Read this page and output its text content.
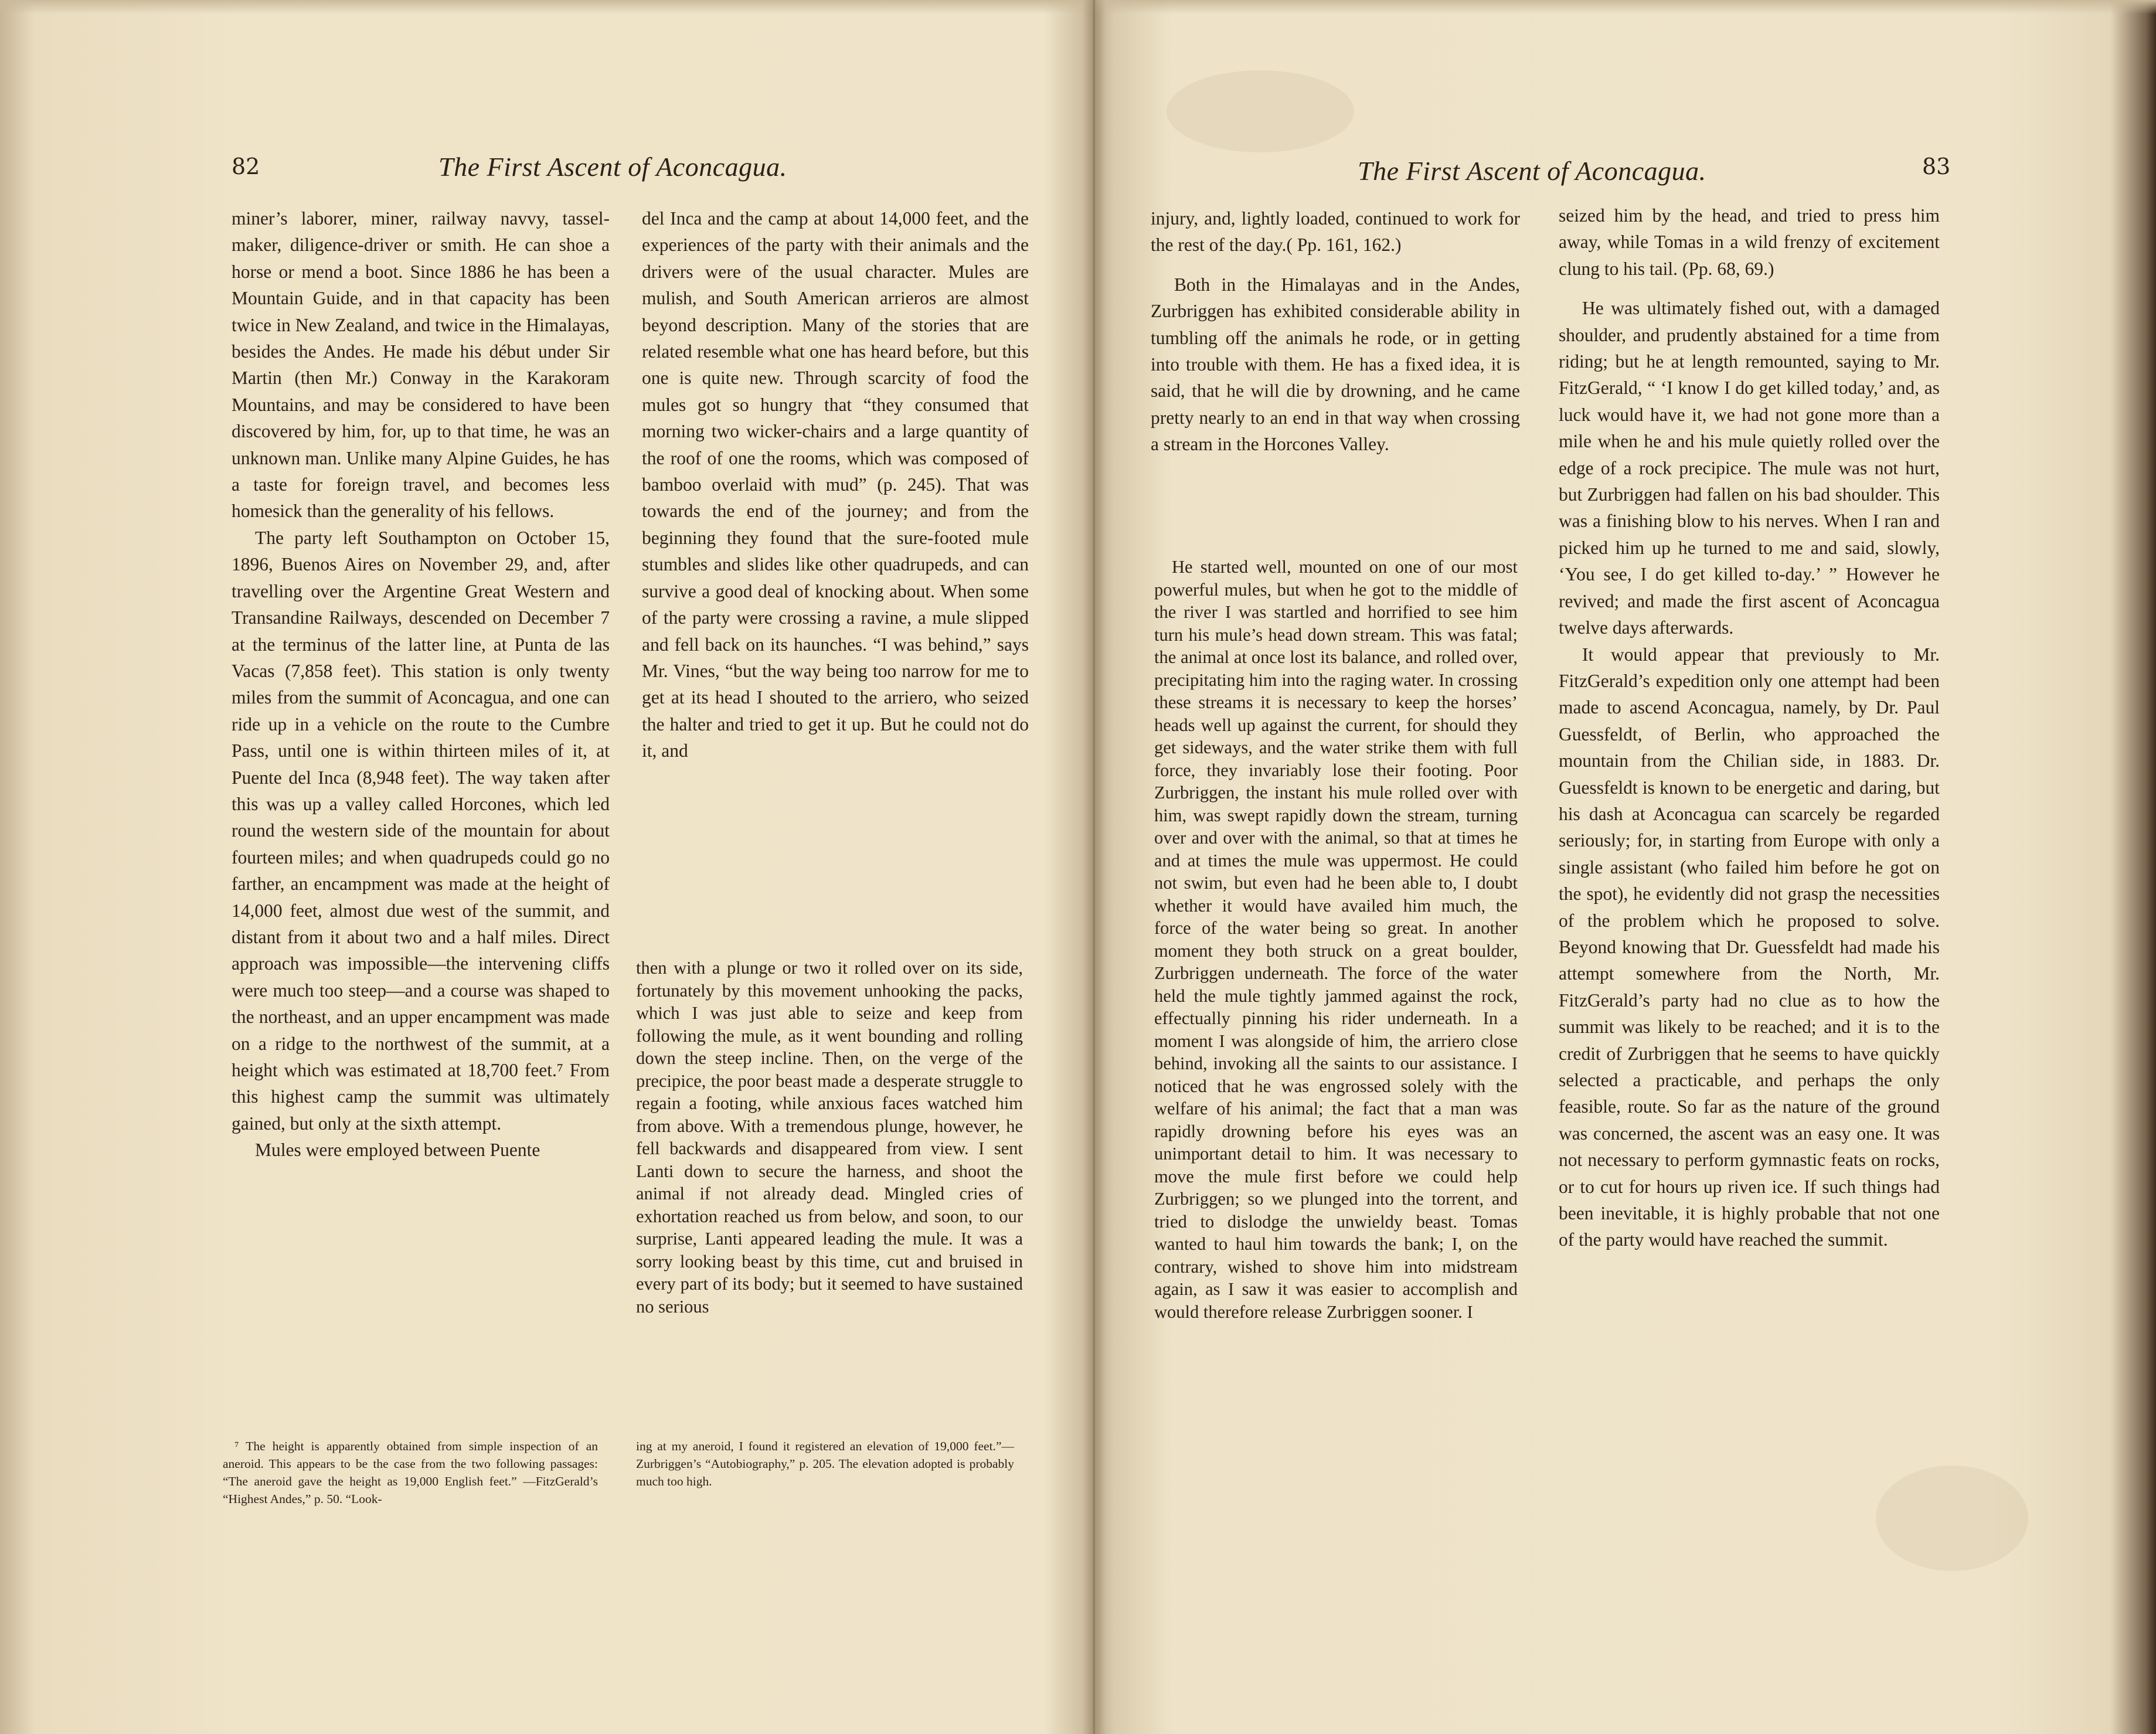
82	The First Ascent of Aconcagua.

miner’s laborer, miner, railway navvy, tassel-maker, diligence-driver or smith. He can shoe a horse or mend a boot. Since 1886 he has been a Mountain Guide, and in that capacity has been twice in New Zealand, and twice in the Himalayas, besides the Andes. He made his début under Sir Martin (then Mr.) Conway in the Karakoram Mountains, and may be considered to have been discovered by him, for, up to that time, he was an unknown man. Unlike many Alpine Guides, he has a taste for foreign travel, and becomes less homesick than the generality of his fellows.

The party left Southampton on October 15, 1896, Buenos Aires on November 29, and, after travelling over the Argentine Great Western and Transandine Railways, descended on December 7 at the terminus of the latter line, at Punta de las Vacas (7,858 feet). This station is only twenty miles from the summit of Aconcagua, and one can ride up in a vehicle on the route to the Cumbre Pass, until one is within thirteen miles of it, at Puente del Inca (8,948 feet). The way taken after this was up a valley called Horcones, which led round the western side of the mountain for about fourteen miles; and when quadrupeds could go no farther, an encampment was made at the height of 14,000 feet, almost due west of the summit, and distant from it about two and a half miles. Direct approach was impossible—the intervening cliffs were much too steep—and a course was shaped to the northeast, and an upper encampment was made on a ridge to the northwest of the summit, at a height which was estimated at 18,700 feet.⁷ From this highest camp the summit was ultimately gained, but only at the sixth attempt.

Mules were employed between Puente

del Inca and the camp at about 14,000 feet, and the experiences of the party with their animals and the drivers were of the usual character. Mules are mulish, and South American arrieros are almost beyond description. Many of the stories that are related resemble what one has heard before, but this one is quite new. Through scarcity of food the mules got so hungry that “they consumed that morning two wicker-chairs and a large quantity of the roof of one the rooms, which was composed of bamboo overlaid with mud” (p. 245). That was towards the end of the journey; and from the beginning they found that the sure-footed mule stumbles and slides like other quadrupeds, and can survive a good deal of knocking about. When some of the party were crossing a ravine, a mule slipped and fell back on its haunches. “I was behind,” says Mr. Vines, “but the way being too narrow for me to get at its head I shouted to the arriero, who seized the halter and tried to get it up. But he could not do it, and

then with a plunge or two it rolled over on its side, fortunately by this movement unhooking the packs, which I was just able to seize and keep from following the mule, as it went bounding and rolling down the steep incline. Then, on the verge of the precipice, the poor beast made a desperate struggle to regain a footing, while anxious faces watched him from above. With a tremendous plunge, however, he fell backwards and disappeared from view. I sent Lanti down to secure the harness, and shoot the animal if not already dead. Mingled cries of exhortation reached us from below, and soon, to our surprise, Lanti appeared leading the mule. It was a sorry looking beast by this time, cut and bruised in every part of its body; but it seemed to have sustained no serious

⁷ The height is apparently obtained from simple inspection of an aneroid. This appears to be the case from the two following passages: “The aneroid gave the height as 19,000 English feet.” —FitzGerald’s “Highest Andes,” p. 50. “Look-

ing at my aneroid, I found it registered an elevation of 19,000 feet.”—Zurbriggen’s “Autobiography,” p. 205. The elevation adopted is probably much too high.

The First Ascent of Aconcagua.	83

injury, and, lightly loaded, continued to work for the rest of the day.( Pp. 161, 162.)

Both in the Himalayas and in the Andes, Zurbriggen has exhibited considerable ability in tumbling off the animals he rode, or in getting into trouble with them. He has a fixed idea, it is said, that he will die by drowning, and he came pretty nearly to an end in that way when crossing a stream in the Horcones Valley.

He started well, mounted on one of our most powerful mules, but when he got to the middle of the river I was startled and horrified to see him turn his mule’s head down stream. This was fatal; the animal at once lost its balance, and rolled over, precipitating him into the raging water. In crossing these streams it is necessary to keep the horses’ heads well up against the current, for should they get sideways, and the water strike them with full force, they invariably lose their footing. Poor Zurbriggen, the instant his mule rolled over with him, was swept rapidly down the stream, turning over and over with the animal, so that at times he and at times the mule was uppermost. He could not swim, but even had he been able to, I doubt whether it would have availed him much, the force of the water being so great. In another moment they both struck on a great boulder, Zurbriggen underneath. The force of the water held the mule tightly jammed against the rock, effectually pinning his rider underneath. In a moment I was alongside of him, the arriero close behind, invoking all the saints to our assistance. I noticed that he was engrossed solely with the welfare of his animal; the fact that a man was rapidly drowning before his eyes was an unimportant detail to him. It was necessary to move the mule first before we could help Zurbriggen; so we plunged into the torrent, and tried to dislodge the unwieldy beast. Tomas wanted to haul him towards the bank; I, on the contrary, wished to shove him into midstream again, as I saw it was easier to accomplish and would therefore release Zurbriggen sooner. I

seized him by the head, and tried to press him away, while Tomas in a wild frenzy of excitement clung to his tail. (Pp. 68, 69.)

He was ultimately fished out, with a damaged shoulder, and prudently abstained for a time from riding; but he at length remounted, saying to Mr. FitzGerald, “ ‘I know I do get killed today,’ and, as luck would have it, we had not gone more than a mile when he and his mule quietly rolled over the edge of a rock precipice. The mule was not hurt, but Zurbriggen had fallen on his bad shoulder. This was a finishing blow to his nerves. When I ran and picked him up he turned to me and said, slowly, ‘You see, I do get killed to-day.’ ” However he revived; and made the first ascent of Aconcagua twelve days afterwards.

It would appear that previously to Mr. FitzGerald’s expedition only one attempt had been made to ascend Aconcagua, namely, by Dr. Paul Guessfeldt, of Berlin, who approached the mountain from the Chilian side, in 1883. Dr. Guessfeldt is known to be energetic and daring, but his dash at Aconcagua can scarcely be regarded seriously; for, in starting from Europe with only a single assistant (who failed him before he got on the spot), he evidently did not grasp the necessities of the problem which he proposed to solve. Beyond knowing that Dr. Guessfeldt had made his attempt somewhere from the North, Mr. FitzGerald’s party had no clue as to how the summit was likely to be reached; and it is to the credit of Zurbriggen that he seems to have quickly selected a practicable, and perhaps the only feasible, route. So far as the nature of the ground was concerned, the ascent was an easy one. It was not necessary to perform gymnastic feats on rocks, or to cut for hours up riven ice. If such things had been inevitable, it is highly probable that not one of the party would have reached the summit.
